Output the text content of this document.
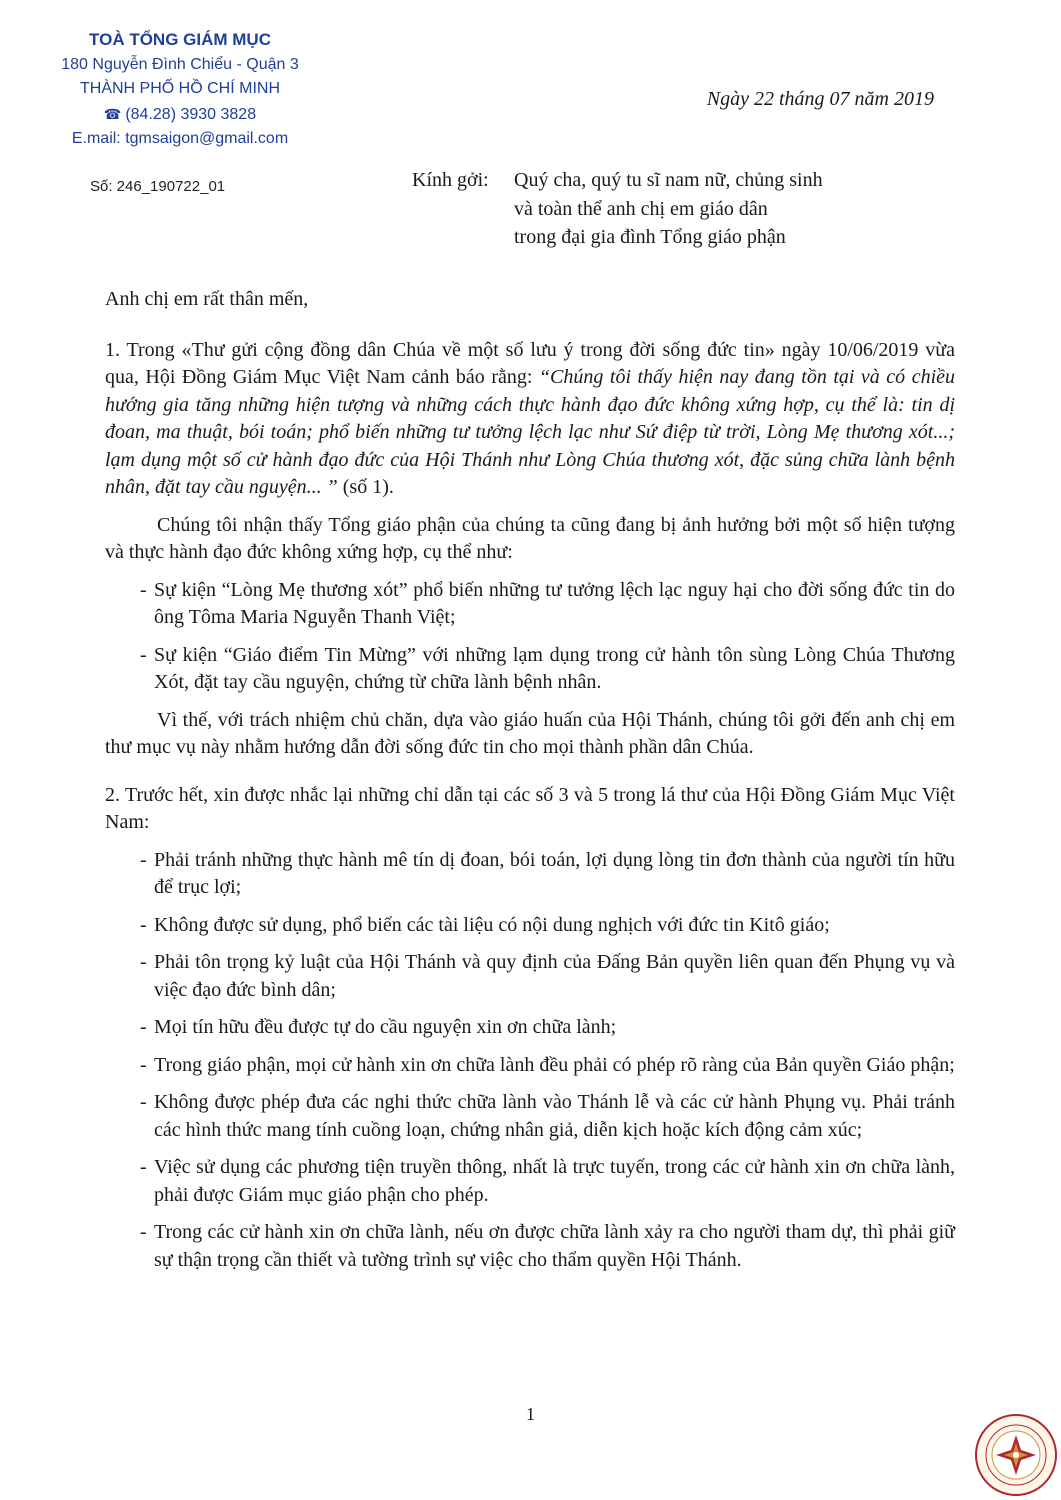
TOÀ TỔNG GIÁM MỤC
180 Nguyễn Đình Chiểu - Quận 3
THÀNH PHỐ HỒ CHÍ MINH
☎ (84.28) 3930 3828
E.mail: tgmsaigon@gmail.com
Số: 246_190722_01
Ngày 22 tháng 07 năm 2019
Kính gởi: Quý cha, quý tu sĩ nam nữ, chủng sinh
và toàn thể anh chị em giáo dân
trong đại gia đình Tổng giáo phận

Anh chị em rất thân mến,

1. Trong «Thư gửi cộng đồng dân Chúa về một số lưu ý trong đời sống đức tin» ngày 10/06/2019 vừa qua, Hội Đồng Giám Mục Việt Nam cảnh báo rằng: “Chúng tôi thấy hiện nay đang tồn tại và có chiều hướng gia tăng những hiện tượng và những cách thực hành đạo đức không xứng hợp, cụ thể là: tin dị đoan, ma thuật, bói toán; phổ biến những tư tưởng lệch lạc như Sứ điệp từ trời, Lòng Mẹ thương xót...; lạm dụng một số cử hành đạo đức của Hội Thánh như Lòng Chúa thương xót, đặc sủng chữa lành bệnh nhân, đặt tay cầu nguyện... ” (số 1).

Chúng tôi nhận thấy Tổng giáo phận của chúng ta cũng đang bị ảnh hưởng bởi một số hiện tượng và thực hành đạo đức không xứng hợp, cụ thể như:

- Sự kiện “Lòng Mẹ thương xót” phổ biến những tư tưởng lệch lạc nguy hại cho đời sống đức tin do ông Tôma Maria Nguyễn Thanh Việt;
- Sự kiện “Giáo điểm Tin Mừng” với những lạm dụng trong cử hành tôn sùng Lòng Chúa Thương Xót, đặt tay cầu nguyện, chứng từ chữa lành bệnh nhân.

Vì thế, với trách nhiệm chủ chăn, dựa vào giáo huấn của Hội Thánh, chúng tôi gởi đến anh chị em thư mục vụ này nhằm hướng dẫn đời sống đức tin cho mọi thành phần dân Chúa.

2. Trước hết, xin được nhắc lại những chỉ dẫn tại các số 3 và 5 trong lá thư của Hội Đồng Giám Mục Việt Nam:

- Phải tránh những thực hành mê tín dị đoan, bói toán, lợi dụng lòng tin đơn thành của người tín hữu để trục lợi;
- Không được sử dụng, phổ biến các tài liệu có nội dung nghịch với đức tin Kitô giáo;
- Phải tôn trọng kỷ luật của Hội Thánh và quy định của Đấng Bản quyền liên quan đến Phụng vụ và việc đạo đức bình dân;
- Mọi tín hữu đều được tự do cầu nguyện xin ơn chữa lành;
- Trong giáo phận, mọi cử hành xin ơn chữa lành đều phải có phép rõ ràng của Bản quyền Giáo phận;
- Không được phép đưa các nghi thức chữa lành vào Thánh lễ và các cử hành Phụng vụ. Phải tránh các hình thức mang tính cuồng loạn, chứng nhân giả, diễn kịch hoặc kích động cảm xúc;
- Việc sử dụng các phương tiện truyền thông, nhất là trực tuyến, trong các cử hành xin ơn chữa lành, phải được Giám mục giáo phận cho phép.
- Trong các cử hành xin ơn chữa lành, nếu ơn được chữa lành xảy ra cho người tham dự, thì phải giữ sự thận trọng cần thiết và tường trình sự việc cho thẩm quyền Hội Thánh.
1
